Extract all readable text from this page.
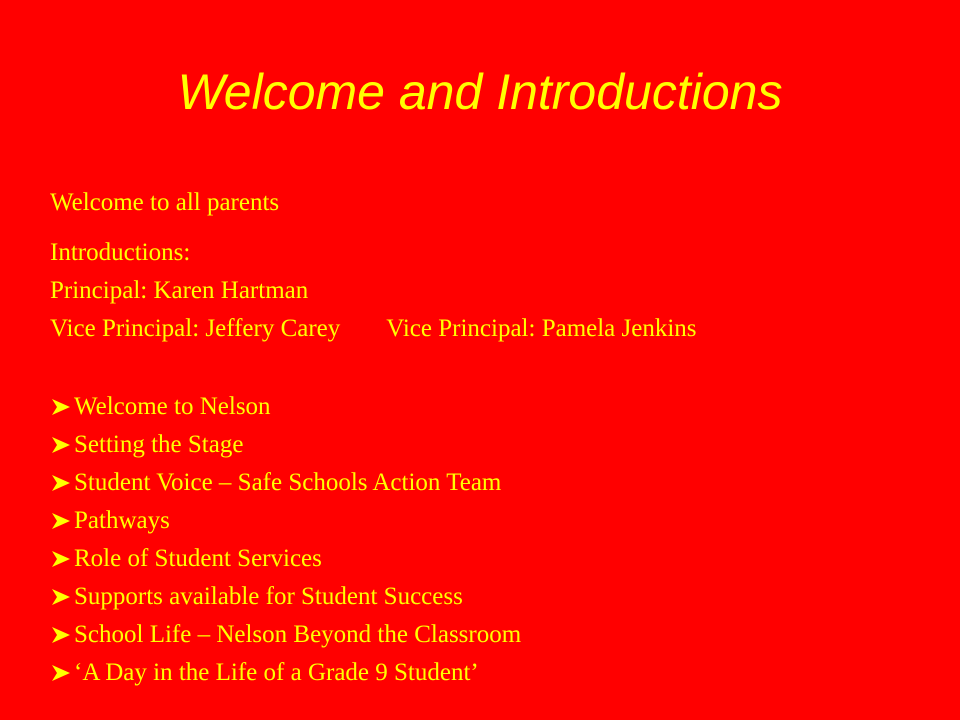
Welcome and Introductions
Welcome to all parents
Introductions:
Principal: Karen Hartman
Vice Principal: Jeffery Carey Vice Principal: Pamela Jenkins
Welcome to Nelson
Setting the Stage
Student Voice – Safe Schools Action Team
Pathways
Role of Student Services
Supports available for Student Success
School Life – Nelson Beyond the Classroom
‘A Day in the Life of a Grade 9 Student’
